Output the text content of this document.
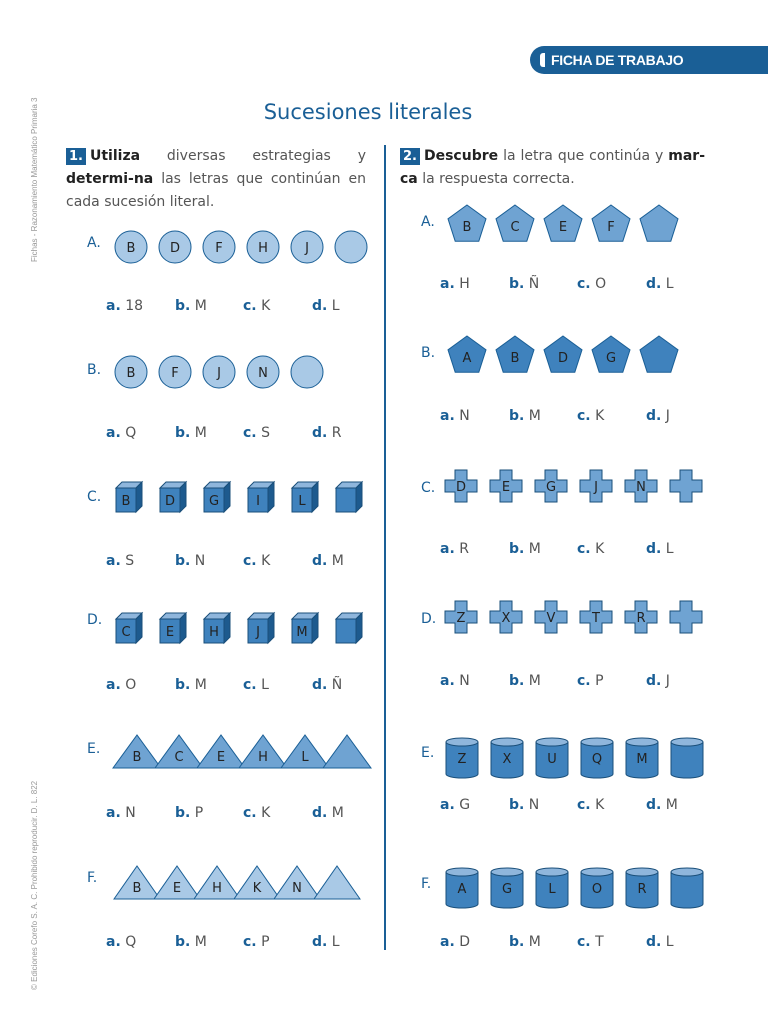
FICHA DE TRABAJO
Fichas - Razonamiento Matemático Primaria 3
© Ediciones Corefo S. A. C. Prohibido reproducir. D. L. 822
Sucesiones literales
1. Utiliza diversas estrategias y determi-na las letras que continúan en cada sucesión literal.
2. Descubre la letra que continúa y mar-ca la respuesta correcta.
A.
a. 18 b. M	c. K	d. L
B.
a. Q	b. M	c. S	d. R
C.
a. S	b. N	c. K	d. M
D.
a. O	b. M	c. L	d. Ñ
E.
a. N	b. P	c. K	d. M
F.
a. Q	b. M	c. P	d. L
A.
a. H	b. Ñ	c. O	d. L
B.
a. N	b. M	c. K	d. J
C.
a. R	b. M	c. K	d. L
D.
a. N	b. M	c. P	d. J
E.
a. G	b. N	c. K	d. M
F.
a. D	b. M	c. T	d. L
B	D	F	H	J
B	F	J	N
B	D	G	I	L
C	E	H	J	M
B	C	E	H	L
B E H K N
B	C	E	F
A	B	D	G
D	E	G	J	N
Z	X	V	T	R
Z	X	U	Q	M
A	G	L	O	R
